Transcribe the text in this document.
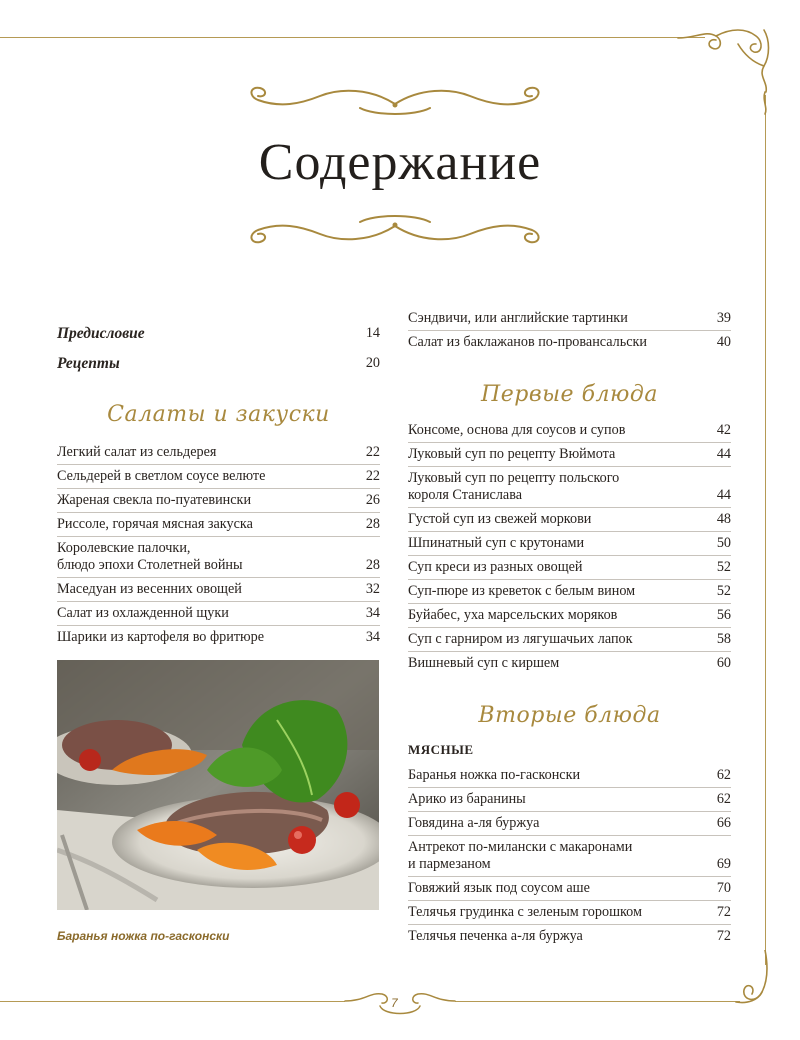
Содержание
Предисловие	14
Рецепты	20
Салаты и закуски
Легкий салат из сельдерея	22
Сельдерей в светлом соусе велюте	22
Жареная свекла по-пуатевински	26
Риссоле, горячая мясная закуска	28
Королевские палочки,
блюдо эпохи Столетней войны	28
Маседуан из весенних овощей	32
Салат из охлажденной щуки	34
Шарики из картофеля во фритюре	34
Баранья ножка по-гасконски
Сэндвичи, или английские тартинки	39
Салат из баклажанов по-провансальски	40
Первые блюда
Консоме, основа для соусов и супов	42
Луковый суп по рецепту Вюймота	44
Луковый суп по рецепту польского
короля Станислава	44
Густой суп из свежей моркови	48
Шпинатный суп с крутонами	50
Суп креси из разных овощей	52
Суп-пюре из креветок с белым вином	52
Буйабес, уха марсельских моряков	56
Суп с гарниром из лягушачьих лапок	58
Вишневый суп с киршем	60
Вторые блюда
МЯСНЫЕ
Баранья ножка по-гасконски	62
Арико из баранины	62
Говядина а-ля буржуа	66
Антрекот по-милански с макаронами
и пармезаном	69
Говяжий язык под соусом аше	70
Телячья грудинка с зеленым горошком	72
Телячья печенка а-ля буржуа	72
7
